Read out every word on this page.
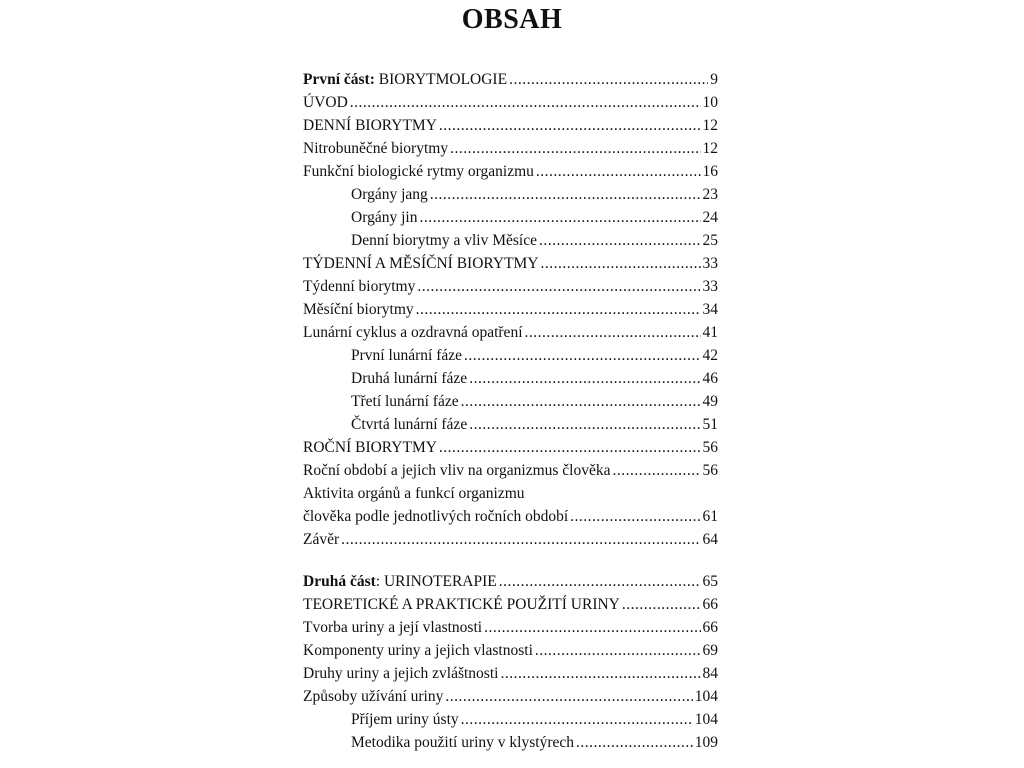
OBSAH
První část: BIORYTMOLOGIE .....	9
ÚVOD .....	10
DENNÍ BIORYTMY .....	12
Nitrobuněčné biorytmy .....	12
Funkční biologické rytmy organizmu .....	16
Orgány jang .....	23
Orgány jin .....	24
Denní biorytmy a vliv Měsíce .....	25
TÝDENNÍ A MĚSÍČNÍ BIORYTMY .....	33
Týdenní biorytmy .....	33
Měsíční biorytmy .....	34
Lunární cyklus a ozdravná opatření .....	41
První lunární fáze .....	42
Druhá lunární fáze .....	46
Třetí lunární fáze .....	49
Čtvrtá lunární fáze .....	51
ROČNÍ BIORYTMY .....	56
Roční období a jejich vliv na organizmus člověka .....	56
Aktivita orgánů a funkcí organizmu
člověka podle jednotlivých ročních období .....	61
Závěr .....	64
Druhá část: URINOTERAPIE .....	65
TEORETICKÉ A PRAKTICKÉ POUŽITÍ URINY .....	66
Tvorba uriny a její vlastnosti .....	66
Komponenty uriny a jejich vlastnosti .....	69
Druhy uriny a jejich zvláštnosti .....	84
Způsoby užívání uriny .....	104
Příjem uriny ústy .....	104
Metodika použití uriny v klystýrech .....	109
